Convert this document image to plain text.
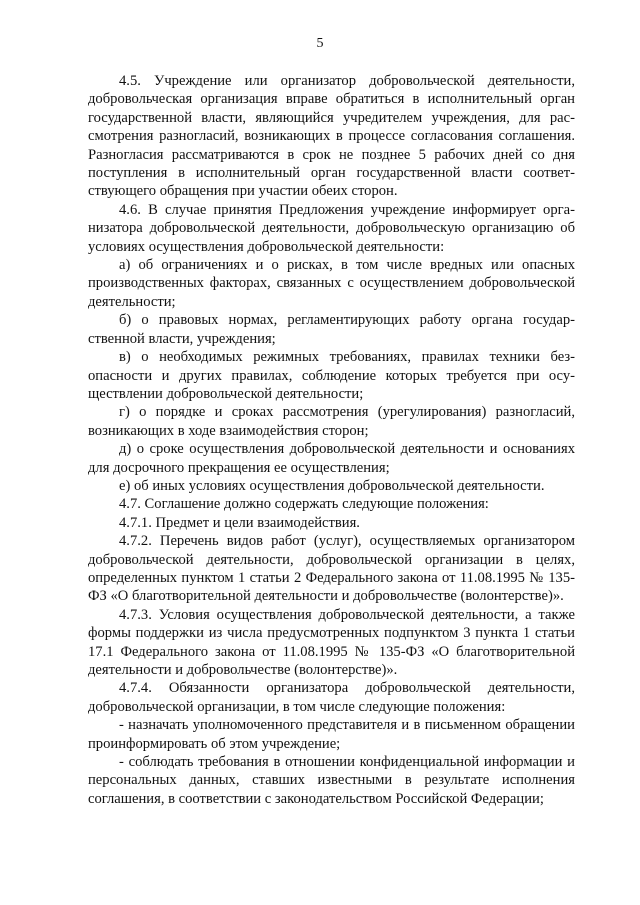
5

4.5. Учреждение или организатор добровольческой деятельности, добровольческая организация вправе обратиться в исполнительный орган государственной власти, являющийся учредителем учреждения, для рассмотрения разногласий, возникающих в процессе согласования соглашения. Разногласия рассматриваются в срок не позднее 5 рабочих дней со дня поступления в исполнительный орган государственной власти соответствующего обращения при участии обеих сторон.

4.6. В случае принятия Предложения учреждение информирует организатора добровольческой деятельности, добровольческую организацию об условиях осуществления добровольческой деятельности:

а) об ограничениях и о рисках, в том числе вредных или опасных производственных факторах, связанных с осуществлением добровольческой деятельности;

б) о правовых нормах, регламентирующих работу органа государственной власти, учреждения;

в) о необходимых режимных требованиях, правилах техники безопасности и других правилах, соблюдение которых требуется при осуществлении добровольческой деятельности;

г) о порядке и сроках рассмотрения (урегулирования) разногласий, возникающих в ходе взаимодействия сторон;

д) о сроке осуществления добровольческой деятельности и основаниях для досрочного прекращения ее осуществления;

е) об иных условиях осуществления добровольческой деятельности.

4.7. Соглашение должно содержать следующие положения:

4.7.1. Предмет и цели взаимодействия.

4.7.2. Перечень видов работ (услуг), осуществляемых организатором добровольческой деятельности, добровольческой организации в целях, определенных пунктом 1 статьи 2 Федерального закона от 11.08.1995 № 135-ФЗ «О благотворительной деятельности и добровольчестве (волонтерстве)».

4.7.3. Условия осуществления добровольческой деятельности, а также формы поддержки из числа предусмотренных подпунктом 3 пункта 1 статьи 17.1 Федерального закона от 11.08.1995 № 135-ФЗ «О благотворительной деятельности и добровольчестве (волонтерстве)».

4.7.4. Обязанности организатора добровольческой деятельности, добровольческой организации, в том числе следующие положения:

- назначать уполномоченного представителя и в письменном обращении проинформировать об этом учреждение;

- соблюдать требования в отношении конфиденциальной информации и персональных данных, ставших известными в результате исполнения соглашения, в соответствии с законодательством Российской Федерации;
